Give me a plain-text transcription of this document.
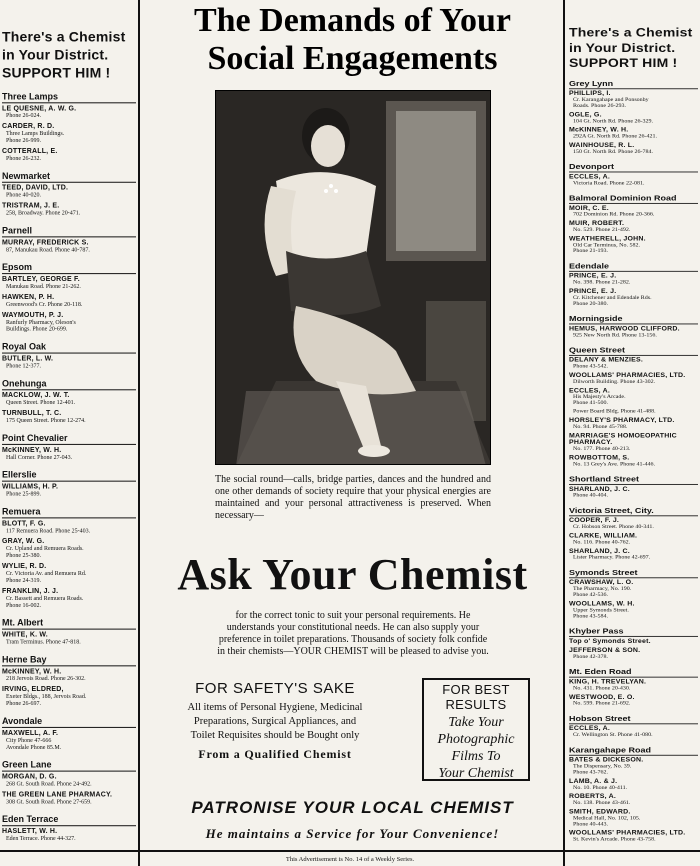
There's a Chemist
in Your District.
SUPPORT HIM !
Three Lamps
LE QUESNE, A. W. G.
Phone 26-024.
CARDER, R. D.
Three Lamps Buildings.
Phone 26-999.
COTTERALL, E.
Phone 26-232.
Newmarket
TEED, DAVID, LTD.
Phone 40-020.
TRISTRAM, J. E.
258, Broadway. Phone 20-471.
Parnell
MURRAY, FREDERICK S.
87, Manukau Road. Phone 40-787.
Epsom
BARTLEY, GEORGE F.
Manukau Road. Phone 21-262.
HAWKEN, P. H.
Greenwood's Cr. Phone 20-118.
WAYMOUTH, P. J.
Ranfurly Pharmacy, Oleson's
Buildings. Phone 20-699.
Royal Oak
BUTLER, L. W.
Phone 12-377.
Onehunga
MACKLOW, J. W. T.
Queen Street. Phone 12-401.
TURNBULL, T. C.
175 Queen Street. Phone 12-274.
Point Chevalier
McKINNEY, W. H.
Hall Corner. Phone 27-043.
Ellerslie
WILLIAMS, H. P.
Phone 25-899.
Remuera
BLOTT, F. G.
117 Remuera Road. Phone 25-403.
GRAY, W. G.
Cr. Upland and Remuera Roads.
Phone 25-380.
WYLIE, R. D.
Cr. Victoria Av. and Remuera Rd.
Phone 24-319.
FRANKLIN, J. J.
Cr. Bassett and Remuera Roads.
Phone 16-002.
Mt. Albert
WHITE, K. W.
Tram Terminus. Phone 47-818.
Herne Bay
McKINNEY, W. H.
218 Jervois Road. Phone 26-302.
IRVING, ELDRED,
Exeter Bldgs., 188, Jervois Road.
Phone 26-697.
Avondale
MAXWELL, A. F.
City Phone 47-666
Avondale Phone 85.M.
Green Lane
MORGAN, D. G.
268 Gt. South Road. Phone 24-492.
THE GREEN LANE PHARMACY.
308 Gt. South Road. Phone 27-659.
Eden Terrace
HASLETT, W. H.
Eden Terrace. Phone 44-327.
There's a Chemist
in Your District.
SUPPORT HIM !
Grey Lynn
PHILLIPS, I.
Cr. Karangahape and Ponsonby
Roads. Phone 26-293.
OGLE, G.
104 Gt. North Rd. Phone 26-329.
McKINNEY, W. H.
292A Gt. North Rd. Phone 26-421.
WAINHOUSE, R. L.
150 Gt. North Rd. Phone 26-784.
Devonport
ECCLES, A.
Victoria Road. Phone 22-081.
Balmoral Dominion Road
MOIR, C. E.
702 Dominion Rd. Phone 20-366.
MUIR, ROBERT.
No. 529. Phone 21-492.
WEATHERELL, JOHN.
Old Car Terminus, No. 582.
Phone 21-193.
Edendale
PRINCE, E. J.
No. 398. Phone 21-282.
PRINCE, E. J.
Cr. Kitchener and Edendale Rds.
Phone 20-380.
Morningside
HEMUS, HARWOOD CLIFFORD.
925 New North Rd. Phone 13-156.
Queen Street
DELANY & MENZIES.
Phone 43-542.
WOOLLAMS' PHARMACIES, LTD.
Dilworth Building. Phone 43-302.
ECCLES, A.
His Majesty's Arcade.
Phone 41-500.
Power Board Bldg. Phone 41-488.
HORSLEY'S PHARMACY, LTD.
No. 94. Phone 45-788.
MARRIAGE'S HOMOEOPATHIC PHARMACY.
No. 177. Phone 40-213.
ROWBOTTOM, S.
No. 13 Grey's Ave. Phone 41-446.
Shortland Street
SHARLAND, J. C.
Phone 40-404.
Victoria Street, City.
COOPER, F. J.
Cr. Hobson Street. Phone 40-341.
CLARKE, WILLIAM.
No. 116. Phone 40-762.
SHARLAND, J. C.
Lister Pharmacy. Phone 42-697.
Symonds Street
CRAWSHAW, L. O.
The Pharmacy, No. 190.
Phone 42-536.
WOOLLAMS, W. H.
Upper Symonds Street.
Phone 43-584.
Khyber Pass
Top o' Symonds Street.
JEFFERSON & SON.
Phone 42-378.
Mt. Eden Road
KING, H. TREVELYAN.
No. 431. Phone 20-430.
WESTWOOD, E. O.
No. 599. Phone 21-692.
Hobson Street
ECCLES, A.
Cr. Wellington St. Phone 41-080.
Karangahape Road
BATES & DICKESON.
The Dispensary, No. 39.
Phone 43-762.
LAMB, A. & J.
No. 10. Phone 40-411.
ROBERTS, A.
No. 138. Phone 43-461.
SMITH, EDWARD.
Medical Hall, No. 102, 105.
Phone 40-443.
WOOLLAMS' PHARMACIES, LTD.
St. Kevin's Arcade. Phone 43-758.
The Demands of Your
Social Engagements
The social round—calls, bridge parties, dances and the hundred and one other demands of society require that your physical energies are maintained and your personal attractiveness is preserved. When necessary—
Ask Your Chemist
for the correct tonic to suit your personal requirements. He understands your constitutional needs. He can also supply your preference in toilet preparations. Thousands of society folk confide in their chemists—YOUR CHEMIST will be pleased to advise you.
FOR SAFETY'S SAKE
All items of Personal Hygiene, Medicinal
Preparations, Surgical Appliances, and
Toilet Requisites should be Bought only
From a Qualified Chemist
FOR BEST
RESULTS
Take Your
Photographic
Films To
Your Chemist
PATRONISE YOUR LOCAL CHEMIST
He maintains a Service for Your Convenience!
This Advertisement is No. 14 of a Weekly Series.
